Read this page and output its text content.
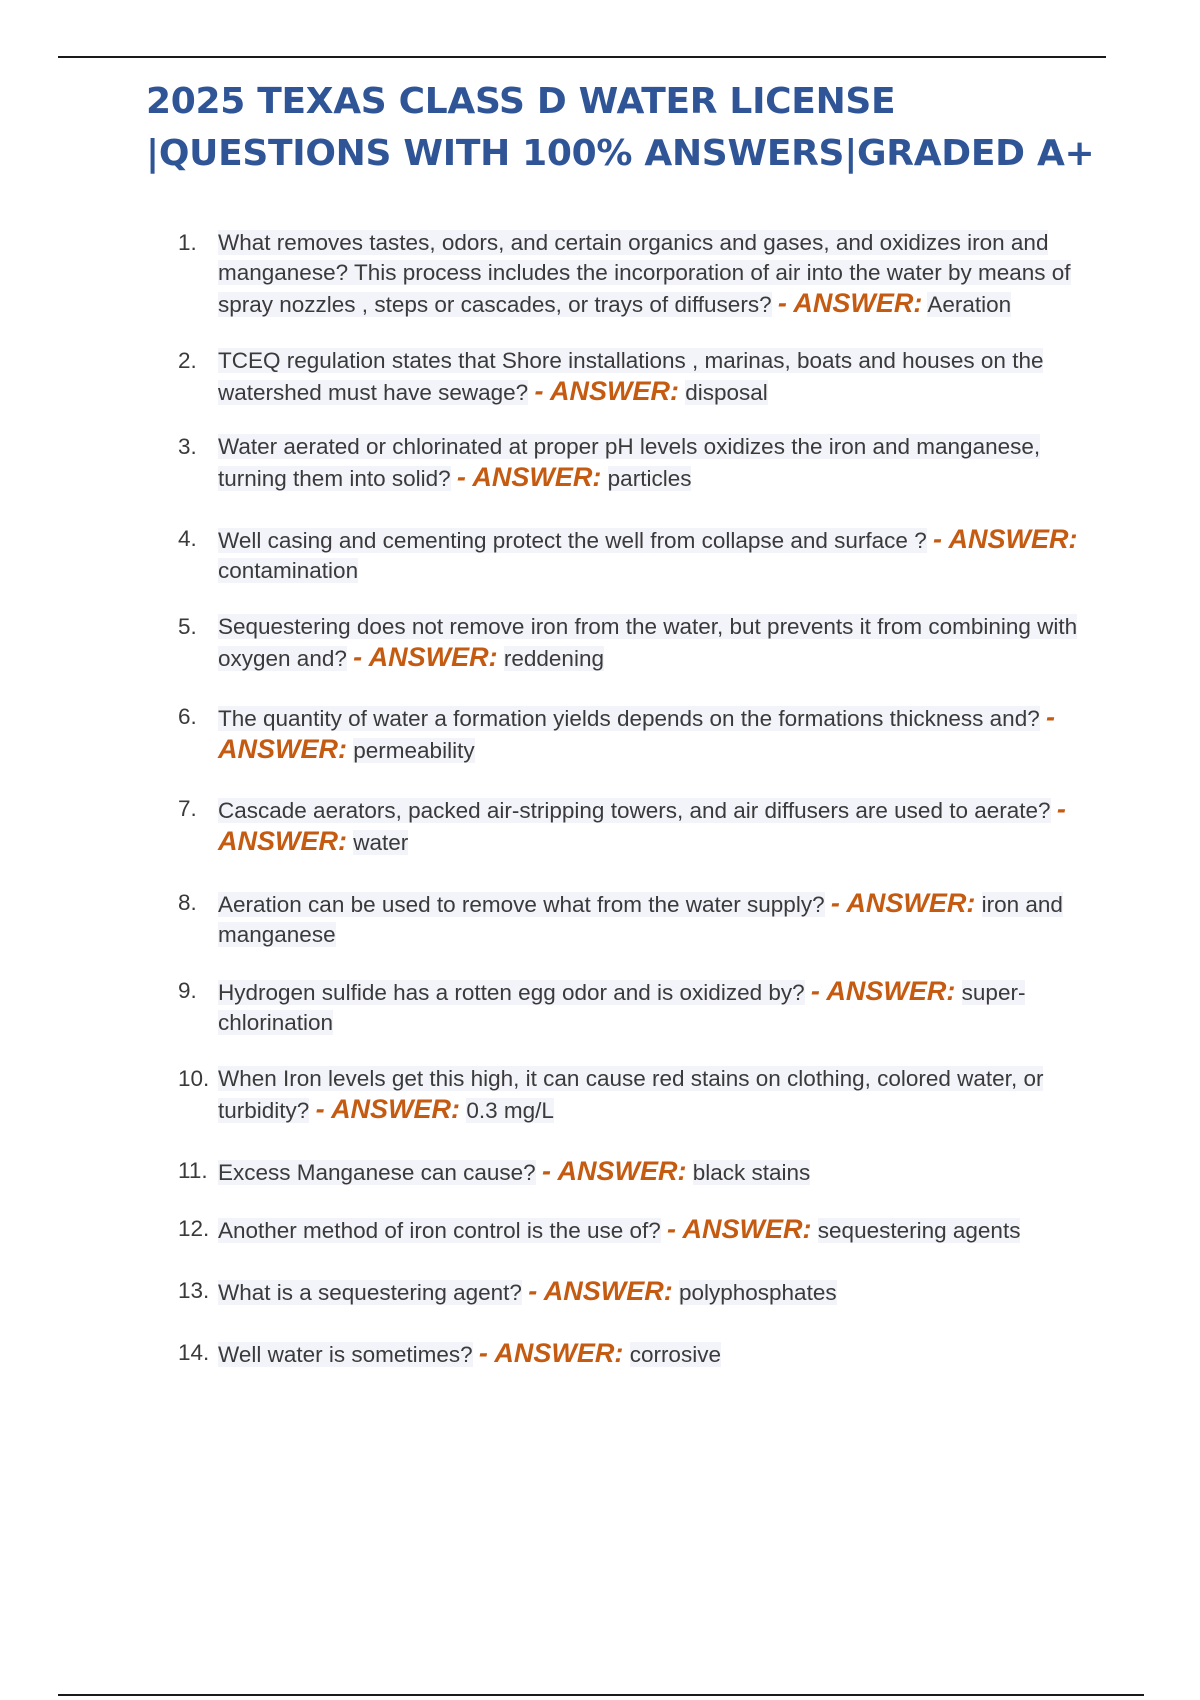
2025 TEXAS CLASS D WATER LICENSE
|QUESTIONS WITH 100% ANSWERS|GRADED A+
1. What removes tastes, odors, and certain organics and gases, and oxidizes iron and manganese? This process includes the incorporation of air into the water by means of spray nozzles , steps or cascades, or trays of diffusers? - ANSWER: Aeration
2. TCEQ regulation states that Shore installations , marinas, boats and houses on the watershed must have sewage? - ANSWER: disposal
3. Water aerated or chlorinated at proper pH levels oxidizes the iron and manganese, turning them into solid? - ANSWER: particles
4. Well casing and cementing protect the well from collapse and surface ? - ANSWER: contamination
5. Sequestering does not remove iron from the water, but prevents it from combining with oxygen and? - ANSWER: reddening
6. The quantity of water a formation yields depends on the formations thickness and? - ANSWER: permeability
7. Cascade aerators, packed air-stripping towers, and air diffusers are used to aerate? - ANSWER: water
8. Aeration can be used to remove what from the water supply? - ANSWER: iron and manganese
9. Hydrogen sulfide has a rotten egg odor and is oxidized by? - ANSWER: super-chlorination
10. When Iron levels get this high, it can cause red stains on clothing, colored water, or turbidity? - ANSWER: 0.3 mg/L
11. Excess Manganese can cause? - ANSWER: black stains
12. Another method of iron control is the use of? - ANSWER: sequestering agents
13. What is a sequestering agent? - ANSWER: polyphosphates
14. Well water is sometimes? - ANSWER: corrosive
